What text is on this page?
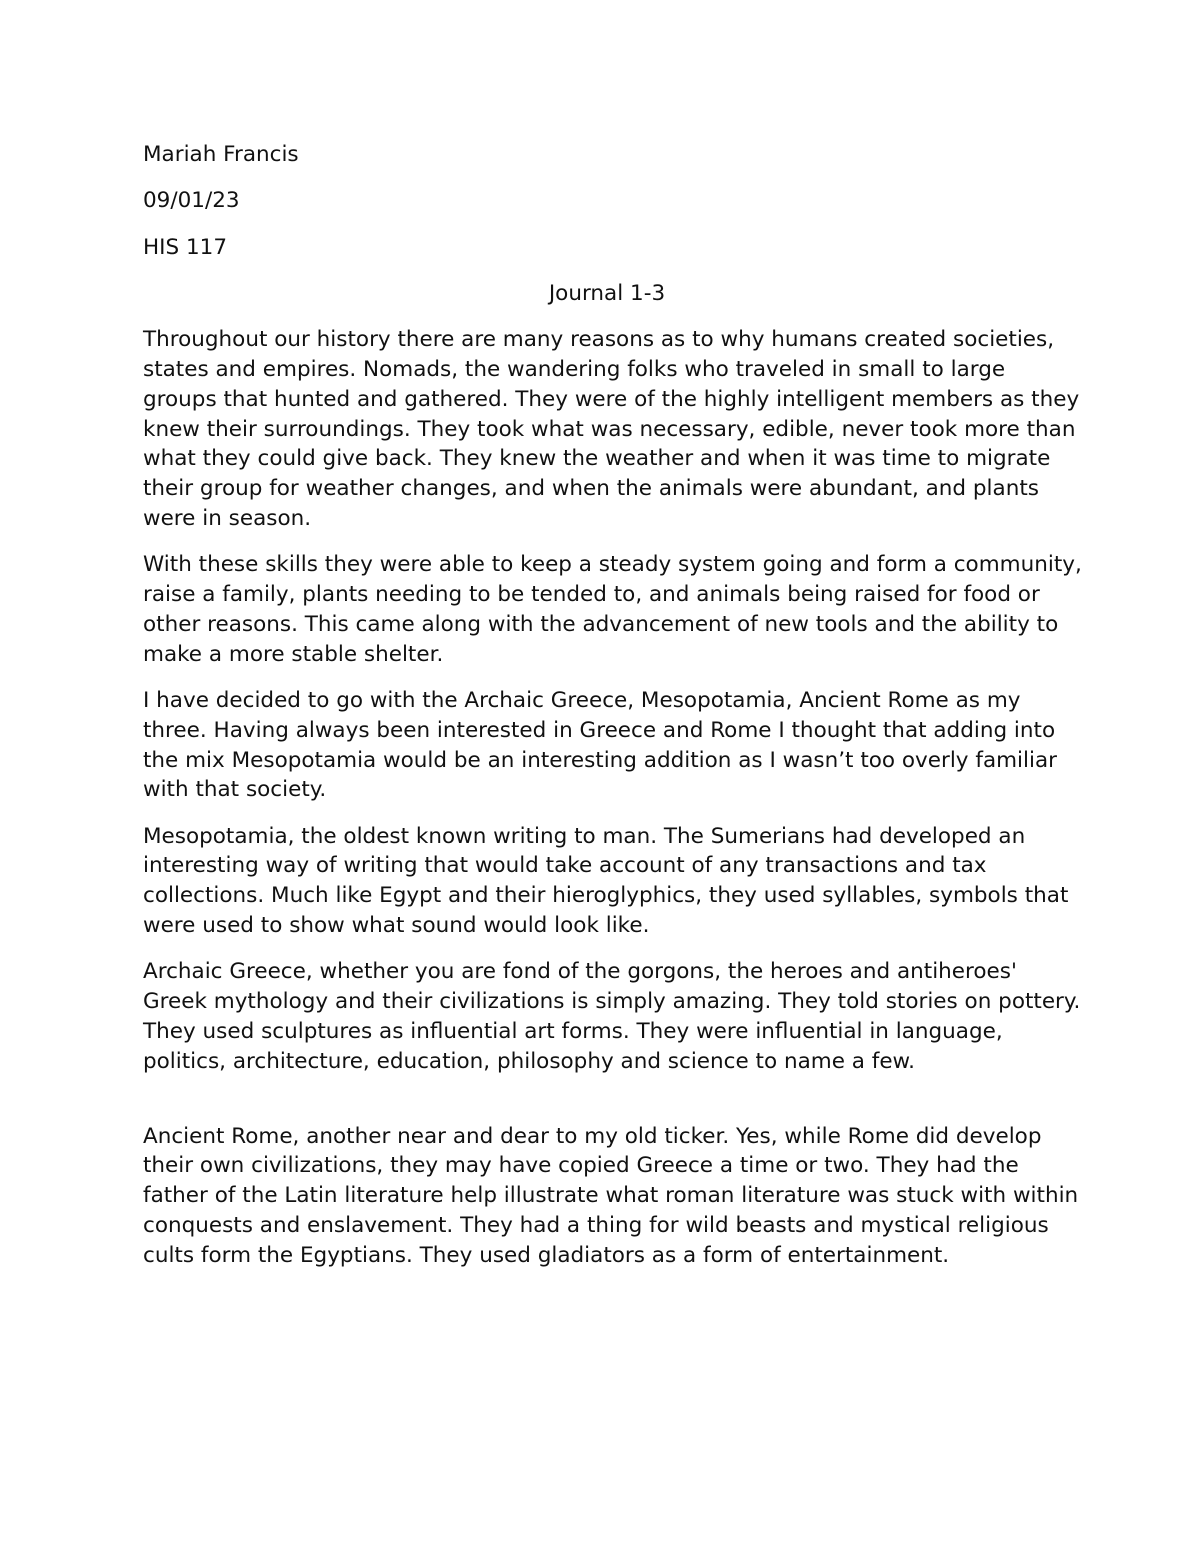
Mariah Francis
09/01/23
HIS 117
Journal 1-3

Throughout our history there are many reasons as to why humans created societies, states and empires. Nomads, the wandering folks who traveled in small to large groups that hunted and gathered. They were of the highly intelligent members as they knew their surroundings. They took what was necessary, edible, never took more than what they could give back. They knew the weather and when it was time to migrate their group for weather changes, and when the animals were abundant, and plants were in season.

With these skills they were able to keep a steady system going and form a community, raise a family, plants needing to be tended to, and animals being raised for food or other reasons. This came along with the advancement of new tools and the ability to make a more stable shelter.

I have decided to go with the Archaic Greece, Mesopotamia, Ancient Rome as my three. Having always been interested in Greece and Rome I thought that adding into the mix Mesopotamia would be an interesting addition as I wasn’t too overly familiar with that society.

Mesopotamia, the oldest known writing to man. The Sumerians had developed an interesting way of writing that would take account of any transactions and tax collections. Much like Egypt and their hieroglyphics, they used syllables, symbols that were used to show what sound would look like.

Archaic Greece, whether you are fond of the gorgons, the heroes and antiheroes' Greek mythology and their civilizations is simply amazing. They told stories on pottery. They used sculptures as influential art forms. They were influential in language, politics, architecture, education, philosophy and science to name a few.

Ancient Rome, another near and dear to my old ticker. Yes, while Rome did develop their own civilizations, they may have copied Greece a time or two. They had the father of the Latin literature help illustrate what roman literature was stuck with within conquests and enslavement. They had a thing for wild beasts and mystical religious cults form the Egyptians. They used gladiators as a form of entertainment.
